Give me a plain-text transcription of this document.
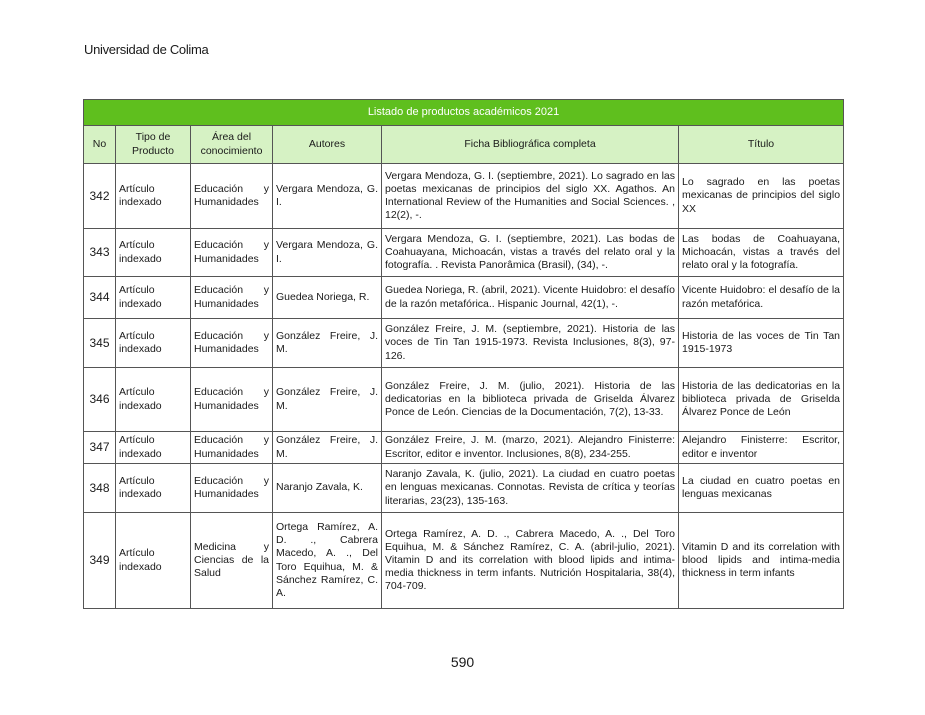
Universidad de Colima
Listado de productos académicos 2021					
No	Tipo de Producto	Área del conocimiento	Autores	Ficha Bibliográfica completa	Título
342	Artículo indexado	Educación y Humanidades	Vergara Mendoza, G. I.	Vergara Mendoza, G. I. (septiembre, 2021). Lo sagrado en las poetas mexicanas de principios del siglo XX. Agathos. An International Review of the Humanities and Social Sciences. , 12(2), -.	Lo sagrado en las poetas mexicanas de principios del siglo XX
343	Artículo indexado	Educación y Humanidades	Vergara Mendoza, G. I.	Vergara Mendoza, G. I. (septiembre, 2021). Las bodas de Coahuayana, Michoacán, vistas a través del relato oral y la fotografía. . Revista Panorâmica (Brasil), (34), -.	Las bodas de Coahuayana, Michoacán, vistas a través del relato oral y la fotografía.
344	Artículo indexado	Educación y Humanidades	Guedea Noriega, R.	Guedea Noriega, R. (abril, 2021). Vicente Huidobro: el desafío de la razón metafórica.. Hispanic Journal, 42(1), -.	Vicente Huidobro: el desafío de la razón metafórica.
345	Artículo indexado	Educación y Humanidades	González Freire, J. M.	González Freire, J. M. (septiembre, 2021). Historia de las voces de Tin Tan 1915-1973. Revista Inclusiones, 8(3), 97-126.	Historia de las voces de Tin Tan 1915-1973
346	Artículo indexado	Educación y Humanidades	González Freire, J. M.	González Freire, J. M. (julio, 2021). Historia de las dedicatorias en la biblioteca privada de Griselda Álvarez Ponce de León. Ciencias de la Documentación, 7(2), 13-33.	Historia de las dedicatorias en la biblioteca privada de Griselda Álvarez Ponce de León
347	Artículo indexado	Educación y Humanidades	González Freire, J. M.	González Freire, J. M. (marzo, 2021). Alejandro Finisterre: Escritor, editor e inventor. Inclusiones, 8(8), 234-255.	Alejandro Finisterre: Escritor, editor e inventor
348	Artículo indexado	Educación y Humanidades	Naranjo Zavala, K.	Naranjo Zavala, K. (julio, 2021). La ciudad en cuatro poetas en lenguas mexicanas. Connotas. Revista de crítica y teorías literarias, 23(23), 135-163.	La ciudad en cuatro poetas en lenguas mexicanas
349	Artículo indexado	Medicina y Ciencias de la Salud	Ortega Ramírez, A. D. ., Cabrera Macedo, A. ., Del Toro Equihua, M. & Sánchez Ramírez, C. A.	Ortega Ramírez, A. D. ., Cabrera Macedo, A. ., Del Toro Equihua, M. & Sánchez Ramírez, C. A. (abril-julio, 2021). Vitamin D and its correlation with blood lipids and intima-media thickness in term infants. Nutrición Hospitalaria, 38(4), 704-709.	Vitamin D and its correlation with blood lipids and intima-media thickness in term infants
590
